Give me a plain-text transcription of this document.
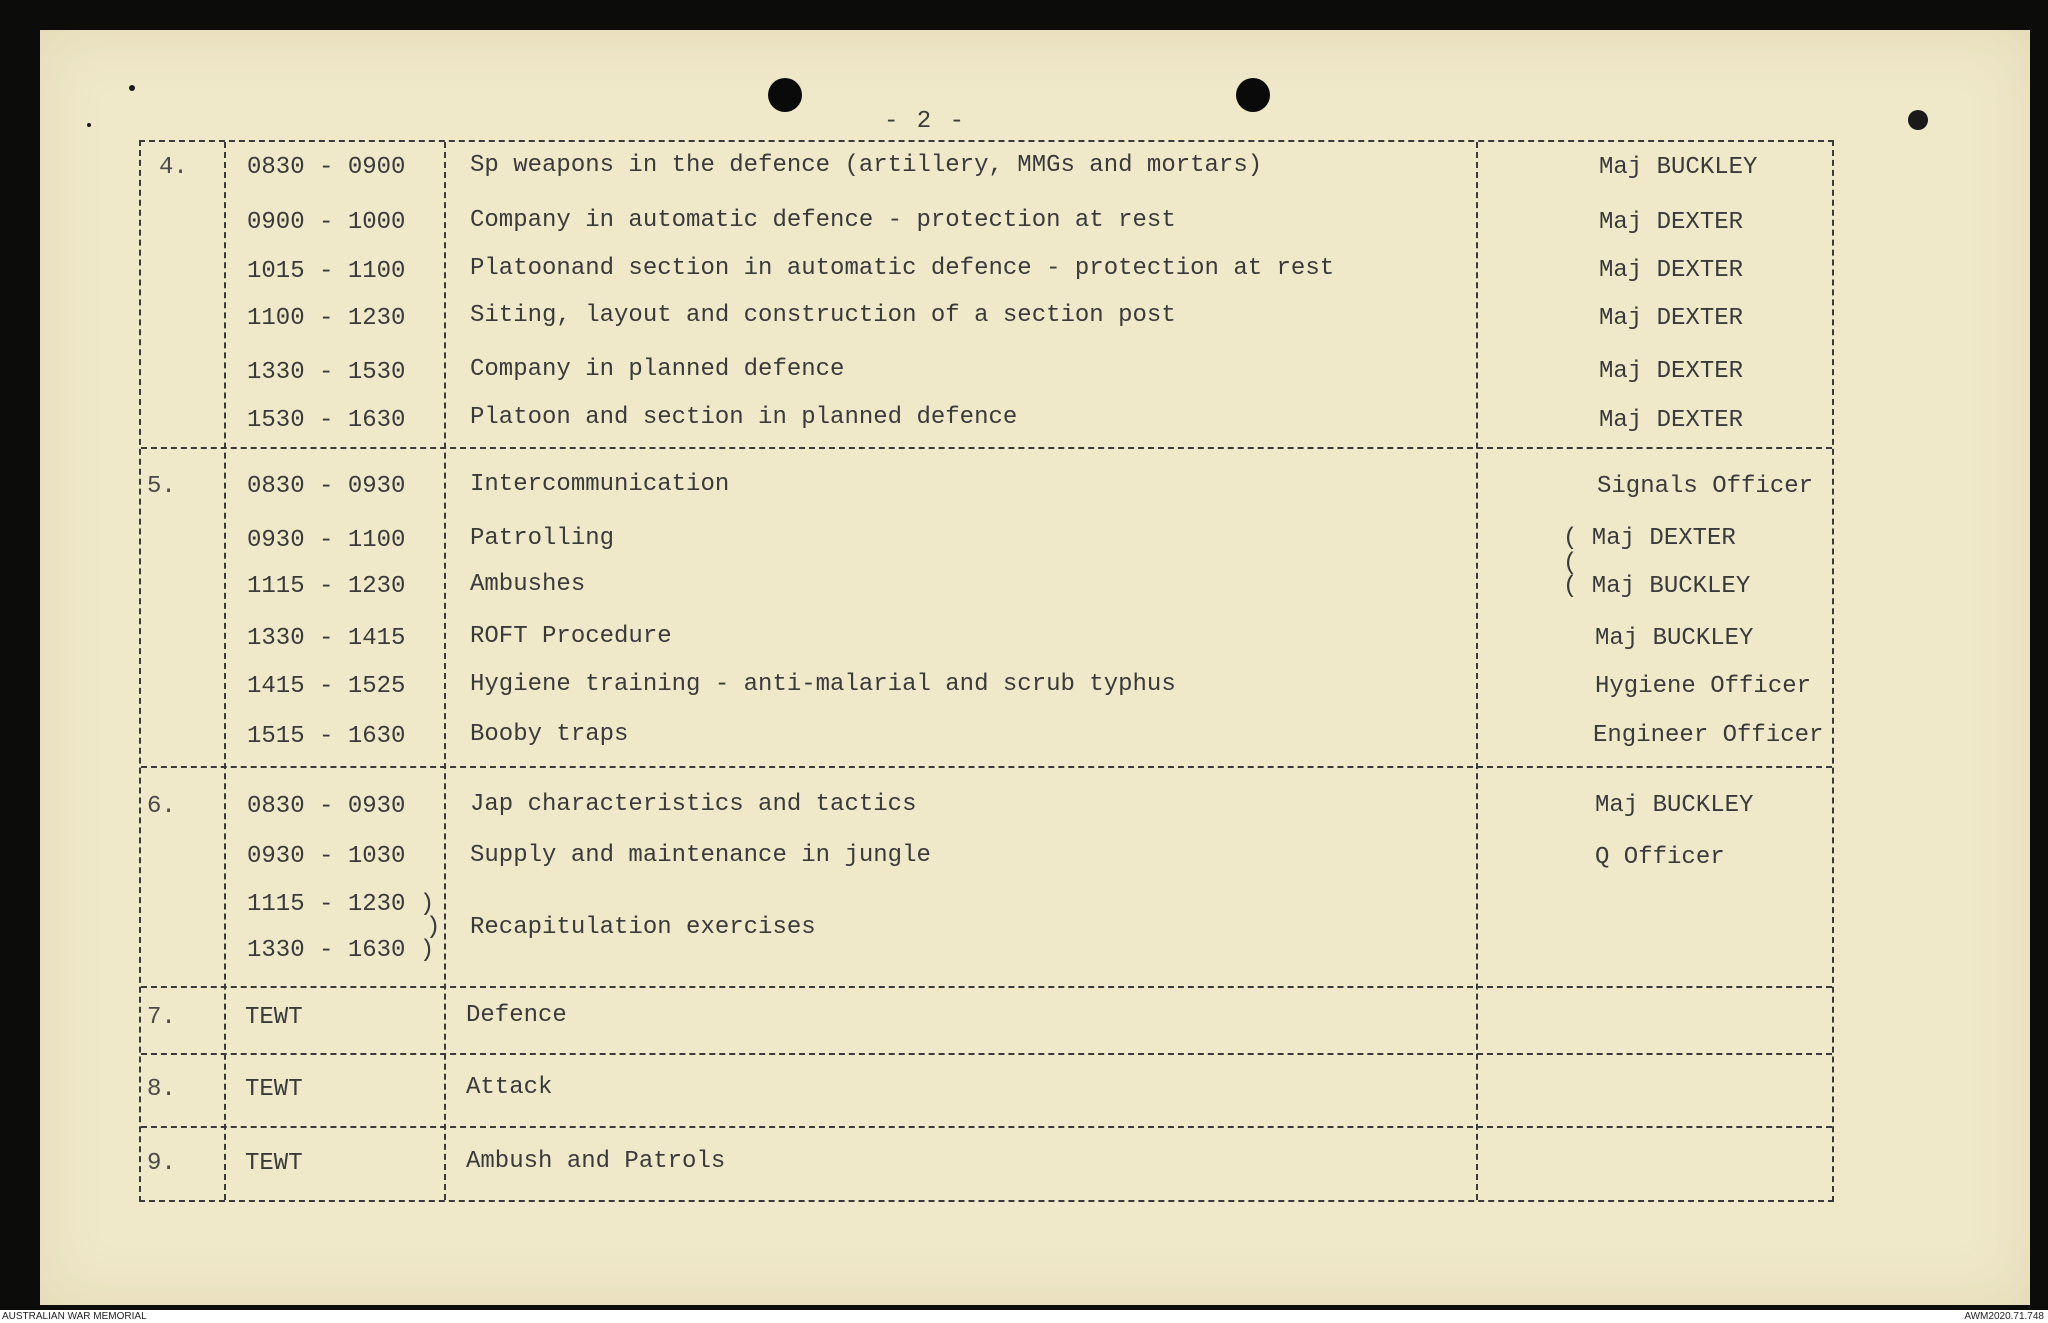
- 2 -
4. 0830 - 0900	Sp weapons in the defence (artillery, MMGs and mortars)	Maj BUCKLEY
0900 - 1000	Company in automatic defence - protection at rest	Maj DEXTER
1015 - 1100	Platoonand section in automatic defence - protection at rest	Maj DEXTER
1100 - 1230	Siting, layout and construction of a section post	Maj DEXTER
1330 - 1530	Company in planned defence	Maj DEXTER
1530 - 1630	Platoon and section in planned defence	Maj DEXTER
5.	0830 - 0930	Intercommunication	Signals Officer
0930 - 1100	Patrolling	( Maj DEXTER
(
1115 - 1230	Ambushes	( Maj BUCKLEY
1330 - 1415	ROFT Procedure	Maj BUCKLEY
1415 - 1525	Hygiene training - anti-malarial and scrub typhus	Hygiene Officer
1515 - 1630	Booby traps	Engineer Officer
6.	0830 - 0930	Jap characteristics and tactics	Maj BUCKLEY
0930 - 1030	Supply and maintenance in jungle	Q Officer
1115 - 1230 )
)
1330 - 1630 )
Recapitulation exercises
7.	TEWT	Defence
8.	TEWT	Attack
9.	TEWT	Ambush and Patrols
AUSTRALIAN WAR MEMORIAL	AWM2020.71.748
